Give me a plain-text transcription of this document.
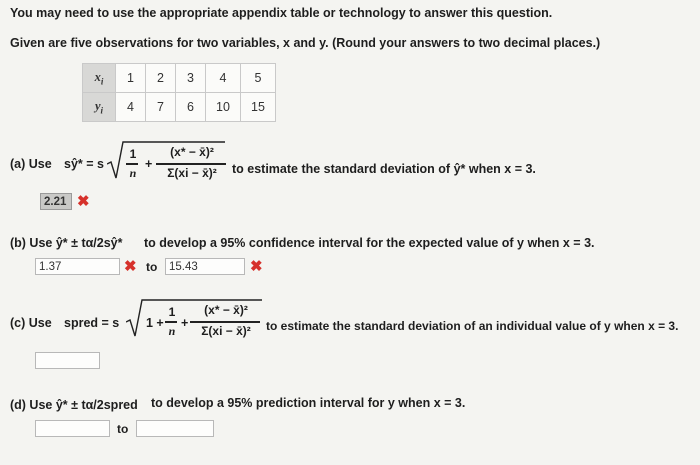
You may need to use the appropriate appendix table or technology to answer this question.
Given are five observations for two variables, x and y. (Round your answers to two decimal places.)
$x_i$	1	2	3	4	5
$y_i$	4	7	6	10	15
(a) Use sŷ* = s
1
n
+
(x* − x̄)²
Σ(xi − x̄)²	to estimate the standard deviation of ŷ* when x = 3.
2.21 ✖
(b) Use ŷ* ± tα/2sŷ* to develop a 95% confidence interval for the expected value of y when x = 3.
1.37	✖ to	15.43	✖
(c) Use spred = s 1 +
1
n
+
(x* − x̄)²
Σ(xi − x̄)²	to estimate the standard deviation of an individual value of y when x = 3.
(d) Use ŷ* ± tα/2spred to develop a 95% prediction interval for y when x = 3.
to
